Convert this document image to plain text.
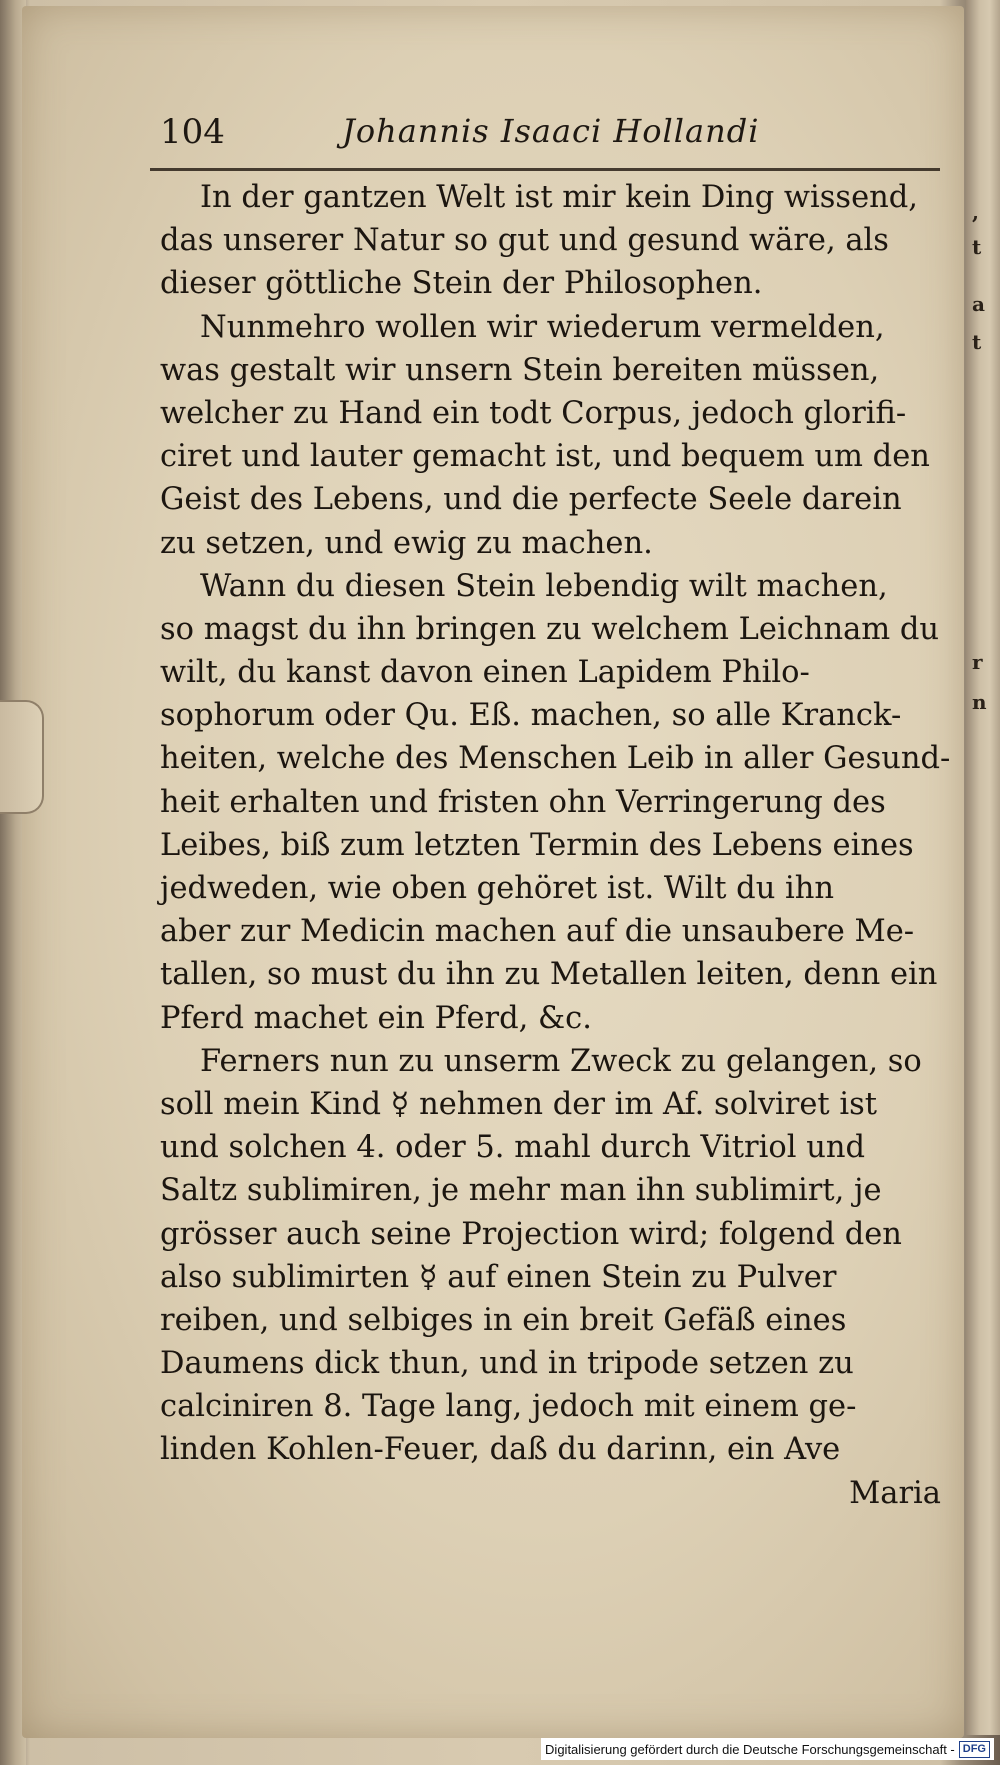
,
t
a
t
r
n
104	Johannis Isaaci Hollandi
In der gantzen Welt ist mir kein Ding wissend,
das unserer Natur so gut und gesund wäre, als
dieser göttliche Stein der Philosophen.
Nunmehro wollen wir wiederum vermelden,
was gestalt wir unsern Stein bereiten müssen,
welcher zu Hand ein todt Corpus, jedoch glorifi-
ciret und lauter gemacht ist, und bequem um den
Geist des Lebens, und die perfecte Seele darein
zu setzen, und ewig zu machen.
Wann du diesen Stein lebendig wilt machen,
so magst du ihn bringen zu welchem Leichnam du
wilt, du kanst davon einen Lapidem Philo-
sophorum oder Qu. Eß. machen, so alle Kranck-
heiten, welche des Menschen Leib in aller Gesund-
heit erhalten und fristen ohn Verringerung des
Leibes, biß zum letzten Termin des Lebens eines
jedweden, wie oben gehöret ist. Wilt du ihn
aber zur Medicin machen auf die unsaubere Me-
tallen, so must du ihn zu Metallen leiten, denn ein
Pferd machet ein Pferd, &c.
Ferners nun zu unserm Zweck zu gelangen, so
soll mein Kind ☿ nehmen der im Af. solviret ist
und solchen 4. oder 5. mahl durch Vitriol und
Saltz sublimiren, je mehr man ihn sublimirt, je
grösser auch seine Projection wird; folgend den
also sublimirten ☿ auf einen Stein zu Pulver
reiben, und selbiges in ein breit Gefäß eines
Daumens dick thun, und in tripode setzen zu
calciniren 8. Tage lang, jedoch mit einem ge-
linden Kohlen-Feuer, daß du darinn, ein Ave
Maria
Digitalisierung gefördert durch die Deutsche Forschungsgemeinschaft - DFG
